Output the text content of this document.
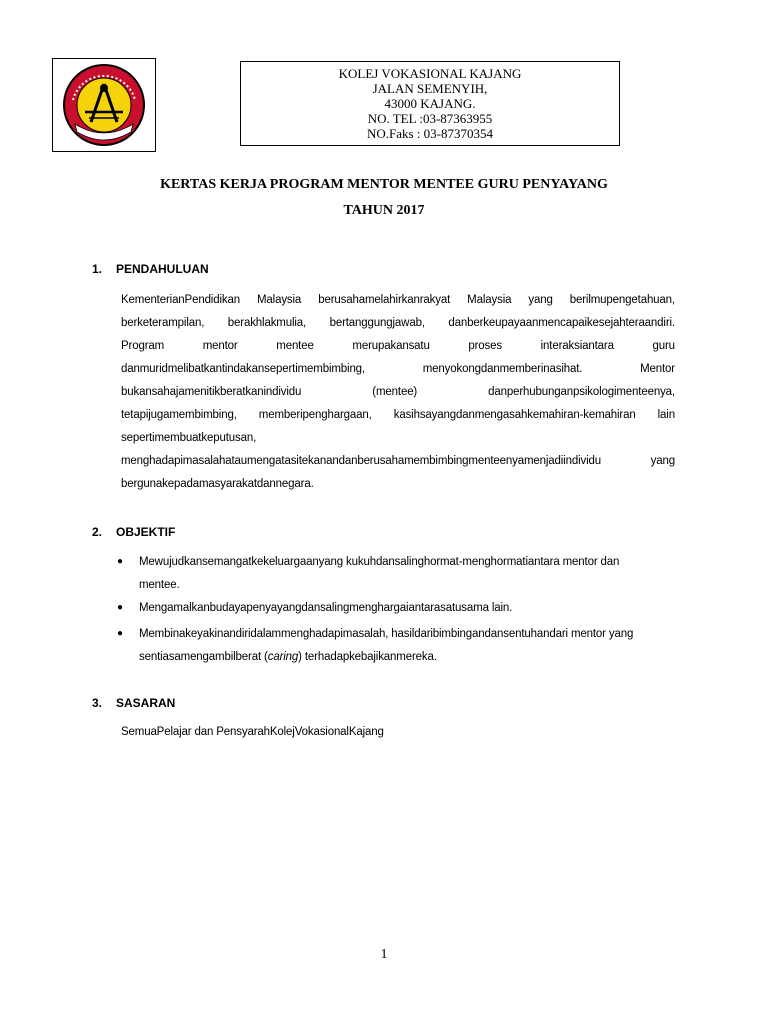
KOLEJ VOKASIONAL KAJANG
JALAN SEMENYIH,
43000 KAJANG.
NO. TEL :03-87363955
NO.Faks : 03-87370354
KERTAS KERJA PROGRAM MENTOR MENTEE GURU PENYAYANG
TAHUN 2017
1. PENDAHULUAN
KementerianPendidikan Malaysia berusahamelahirkanrakyat Malaysia yang berilmupengetahuan,
berketerampilan, berakhlakmulia, bertanggungjawab, danberkeupayaanmencapaikesejahteraandiri.
Program	mentor	mentee	merupakansatu	proses	interaksiantara	guru
danmuridmelibatkantindakansepertimembimbing,	menyokongdanmemberinasihat.	Mentor
bukansahajamenitikberatkanindividu	(mentee)	danperhubunganpsikologimenteenya,
tetapijugamembimbing, memberipenghargaan, kasihsayangdanmengasahkemahiran-kemahiran lain
sepertimembuatkeputusan,
menghadapimasalahataumengatasitekanandanberusahamembimbingmenteenyamenjadiindividu	yang
bergunakepadamasyarakatdannegara.
2. OBJEKTIF
● Mewujudkansemangatkekeluargaanyang kukuhdansalinghormat-menghormatiantara mentor dan
mentee.
● Mengamalkanbudayapenyayangdansalingmenghargaiantarasatusama lain.
● Membinakeyakinandiridalammenghadapimasalah, hasildaribimbingandansentuhandari mentor yang
sentiasamengambilberat (caring) terhadapkebajikanmereka.
3. SASARAN
SemuaPelajar dan PensyarahKolejVokasionalKajang
1
